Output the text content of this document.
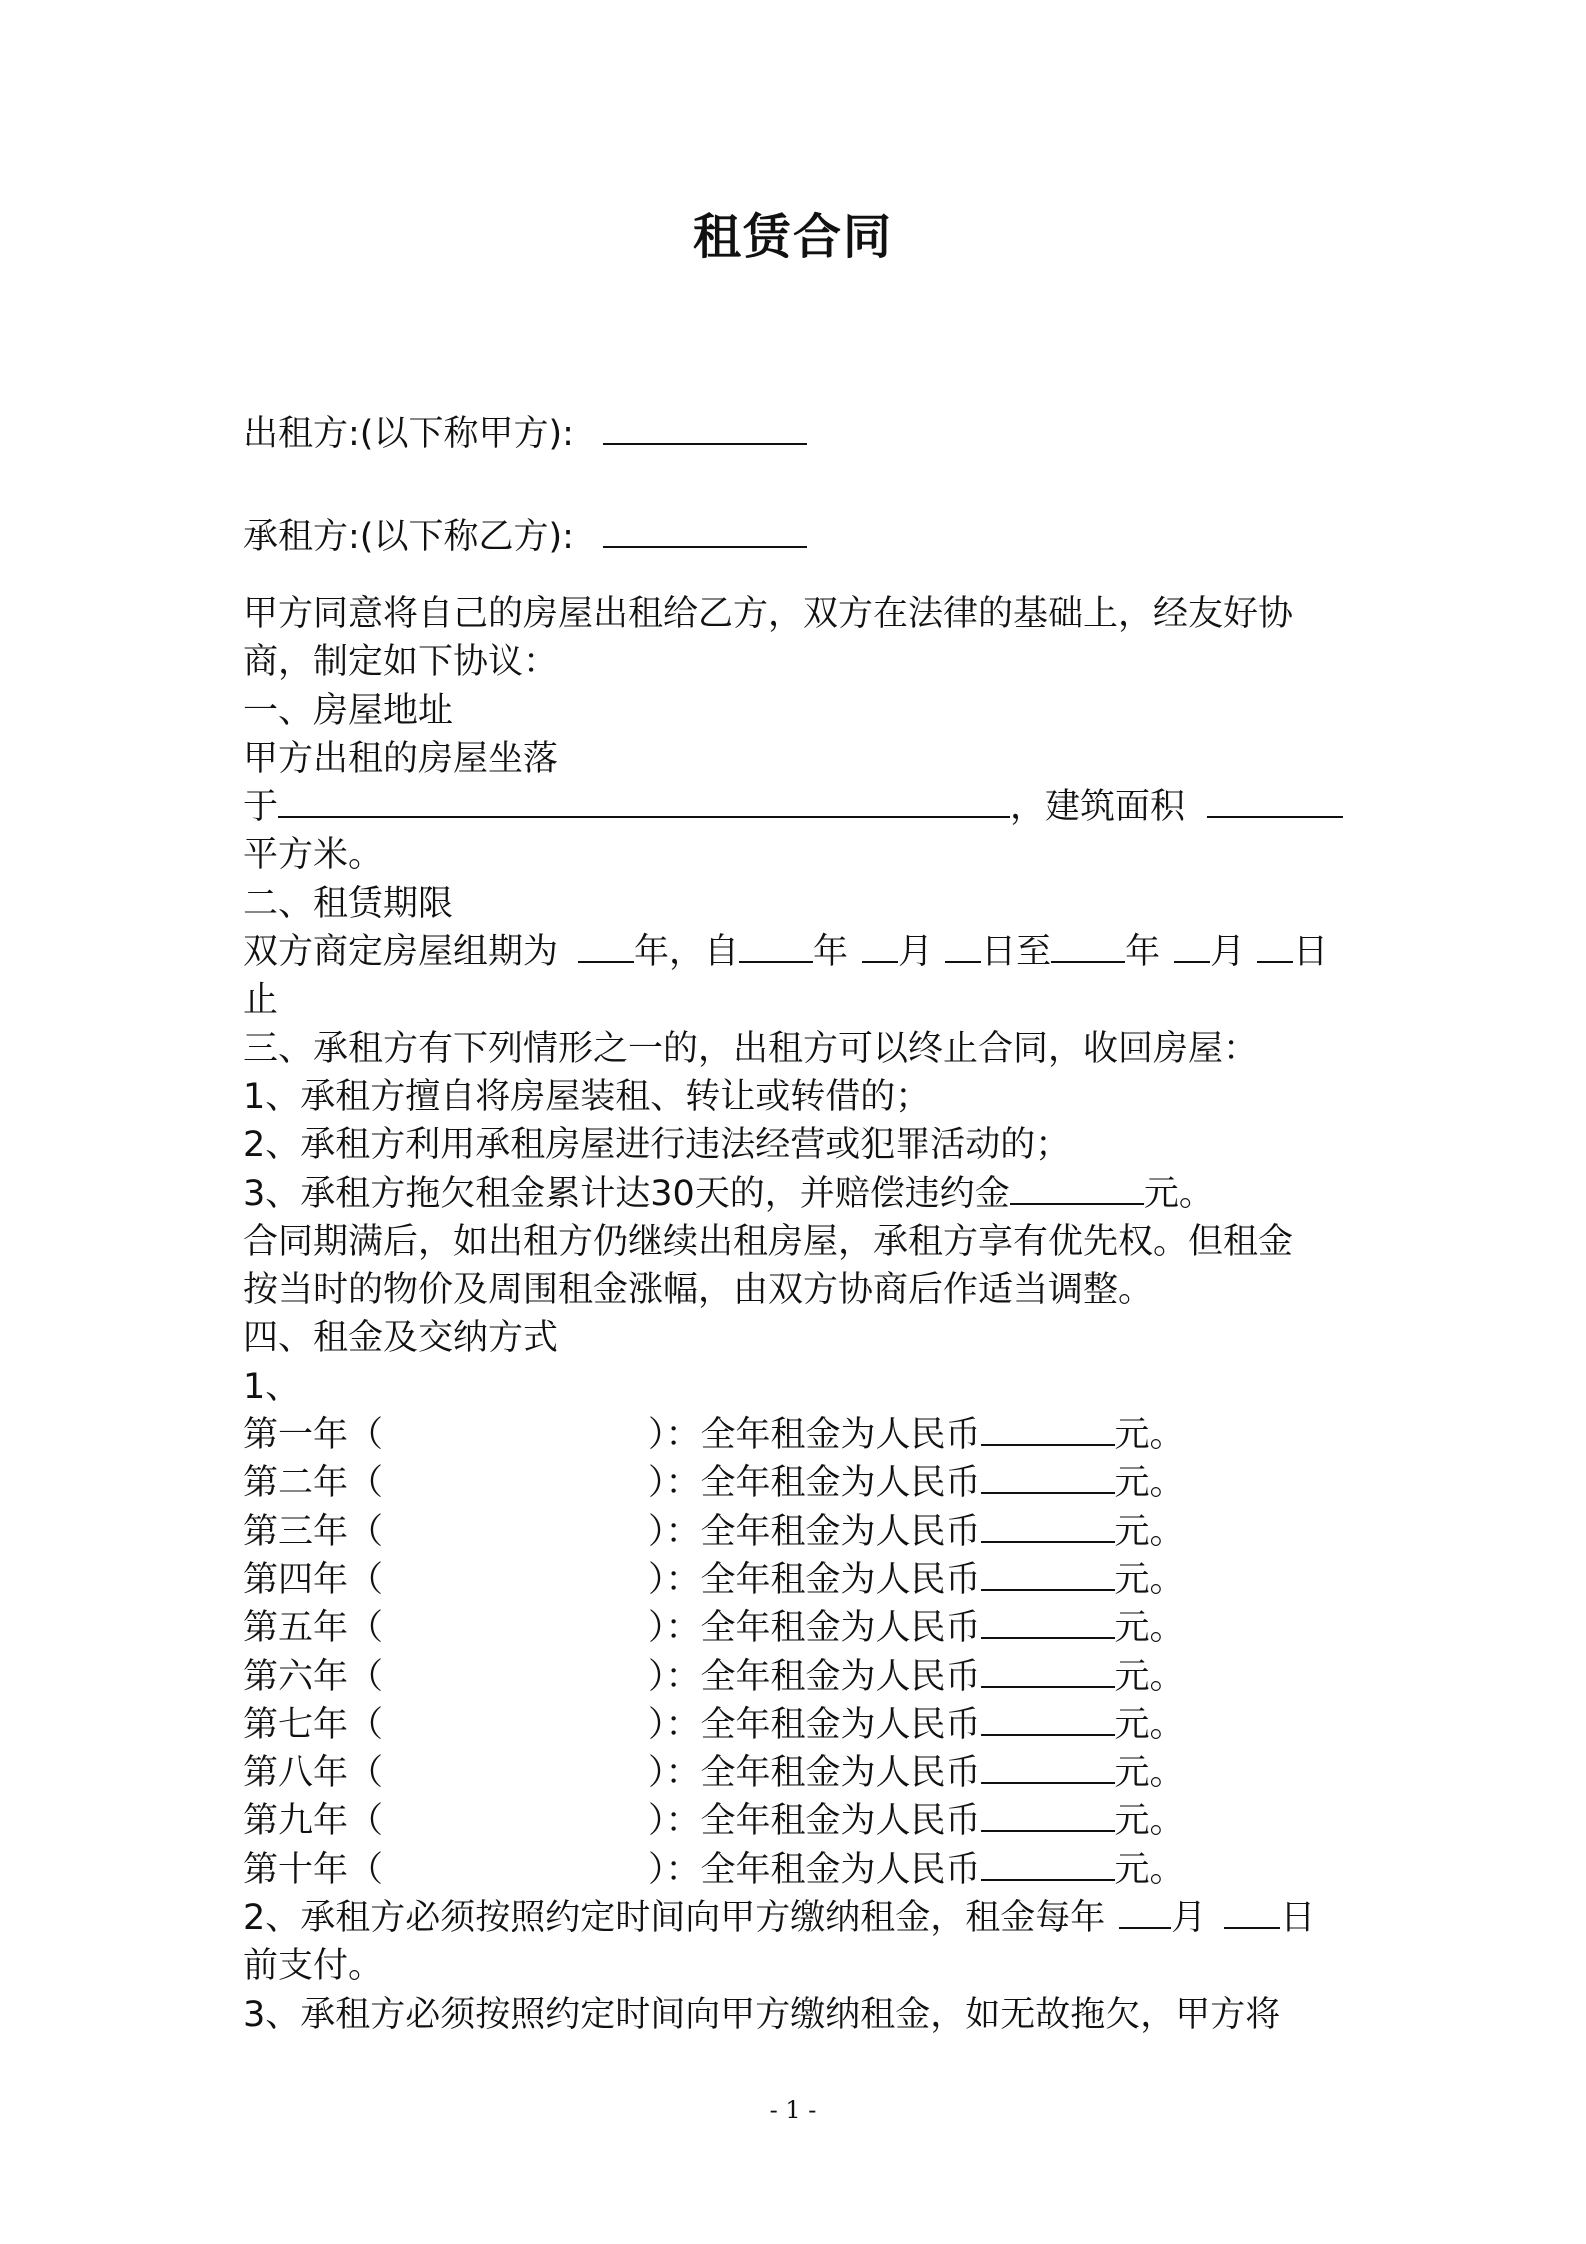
租赁合同
出租方:(以下称甲方):
承租方:(以下称乙方):
甲方同意将自己的房屋出租给乙方，双方在法律的基础上，经友好协
商，制定如下协议：
一、房屋地址
甲方出租的房屋坐落
于	，建筑面积
平方米。
二、租赁期限
双方商定房屋组期为 年，自 年 月 日至 年 月 日
止
三、承租方有下列情形之一的，出租方可以终止合同，收回房屋：
1、承租方擅自将房屋装租、转让或转借的；
2、承租方利用承租房屋进行违法经营或犯罪活动的；
3、承租方拖欠租金累计达30天的，并赔偿违约金	元。
合同期满后，如出租方仍继续出租房屋，承租方享有优先权。但租金
按当时的物价及周围租金涨幅，由双方协商后作适当调整。
四、租金及交纳方式
1、
第一年（	）：全年租金为人民币	元。
第二年（	）：全年租金为人民币	元。
第三年（	）：全年租金为人民币	元。
第四年（	）：全年租金为人民币	元。
第五年（	）：全年租金为人民币	元。
第六年（	）：全年租金为人民币	元。
第七年（	）：全年租金为人民币	元。
第八年（	）：全年租金为人民币	元。
第九年（	）：全年租金为人民币	元。
第十年（	）：全年租金为人民币	元。
2、承租方必须按照约定时间向甲方缴纳租金，租金每年 月 日
前支付。
3、承租方必须按照约定时间向甲方缴纳租金，如无故拖欠，甲方将
- 1 -
